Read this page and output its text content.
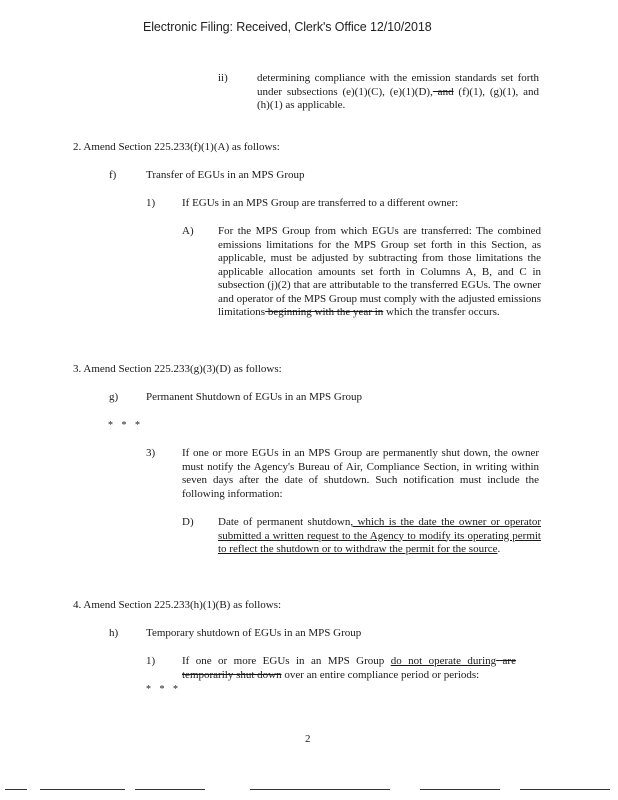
Electronic Filing: Received, Clerk's Office 12/10/2018
ii)	determining compliance with the emission standards set forth under subsections (e)(1)(C), (e)(1)(D), and (f)(1), (g)(1), and (h)(1) as applicable.
2. Amend Section 225.233(f)(1)(A) as follows:
f)	Transfer of EGUs in an MPS Group
1) If EGUs in an MPS Group are transferred to a different owner:
A) For the MPS Group from which EGUs are transferred: The combined emissions limitations for the MPS Group set forth in this Section, as applicable, must be adjusted by subtracting from those limitations the applicable allocation amounts set forth in Columns A, B, and C in subsection (j)(2) that are attributable to the transferred EGUs. The owner and operator of the MPS Group must comply with the adjusted emissions limitations beginning with the year in which the transfer occurs.
3. Amend Section 225.233(g)(3)(D) as follows:
g)	Permanent Shutdown of EGUs in an MPS Group
* * *
3) If one or more EGUs in an MPS Group are permanently shut down, the owner must notify the Agency's Bureau of Air, Compliance Section, in writing within seven days after the date of shutdown. Such notification must include the following information:
D) Date of permanent shutdown, which is the date the owner or operator submitted a written request to the Agency to modify its operating permit to reflect the shutdown or to withdraw the permit for the source.
4. Amend Section 225.233(h)(1)(B) as follows:
h)	Temporary shutdown of EGUs in an MPS Group
1) If one or more EGUs in an MPS Group do not operate during are temporarily shut down over an entire compliance period or periods:
* * *
2
